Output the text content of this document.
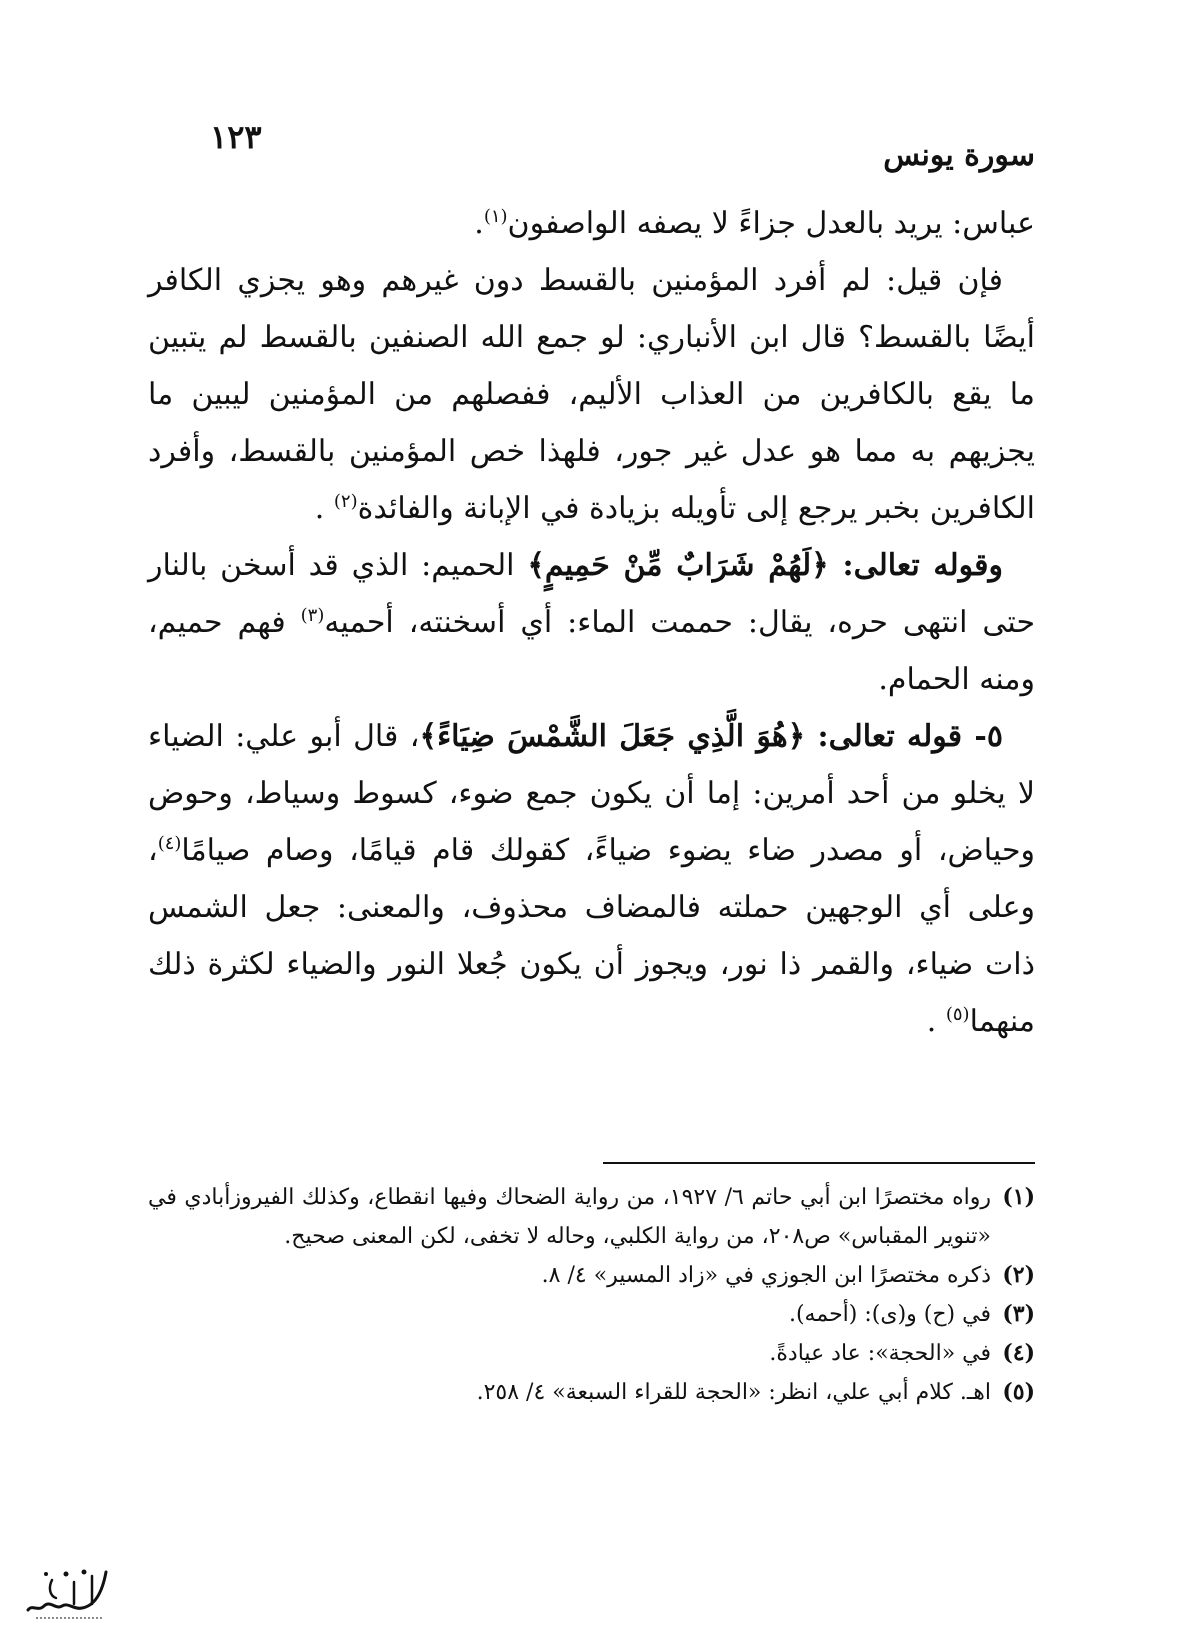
سورة يونس
١٢٣

عباس: يريد بالعدل جزاءً لا يصفه الواصفون$^{(١)}$.

فإن قيل: لم أفرد المؤمنين بالقسط دون غيرهم وهو يجزي الكافر أيضًا بالقسط؟ قال ابن الأنباري: لو جمع الله الصنفين بالقسط لم يتبين ما يقع بالكافرين من العذاب الأليم، ففصلهم من المؤمنين ليبين ما يجزيهم به مما هو عدل غير جور، فلهذا خص المؤمنين بالقسط، وأفرد الكافرين بخبر يرجع إلى تأويله بزيادة في الإبانة والفائدة$^{(٢)}$ .

وقوله تعالى: ﴿لَهُمْ شَرَابٌ مِّنْ حَمِيمٍ﴾ الحميم: الذي قد أسخن بالنار حتى انتهى حره، يقال: حممت الماء: أي أسخنته، أحميه$^{(٣)}$ فهم حميم، ومنه الحمام.

٥- قوله تعالى: ﴿هُوَ الَّذِي جَعَلَ الشَّمْسَ ضِيَاءً﴾، قال أبو علي: الضياء لا يخلو من أحد أمرين: إما أن يكون جمع ضوء، كسوط وسياط، وحوض وحياض، أو مصدر ضاء يضوء ضياءً، كقولك قام قيامًا، وصام صيامًا$^{(٤)}$، وعلى أي الوجهين حملته فالمضاف محذوف، والمعنى: جعل الشمس ذات ضياء، والقمر ذا نور، ويجوز أن يكون جُعلا النور والضياء لكثرة ذلك منهما$^{(٥)}$ .

(١)
رواه مختصرًا ابن أبي حاتم ٦/ ١٩٢٧، من رواية الضحاك وفيها انقطاع، وكذلك الفيروزأبادي في «تنوير المقباس» ص٢٠٨، من رواية الكلبي، وحاله لا تخفى، لكن المعنى صحيح.
(٢)
ذكره مختصرًا ابن الجوزي في «زاد المسير» ٤/ ٨.
(٣)
في (ح) و(ى): (أحمه).
(٤)
في «الحجة»: عاد عيادةً.
(٥)
اهـ. كلام أبي علي، انظر: «الحجة للقراء السبعة» ٤/ ٢٥٨.
